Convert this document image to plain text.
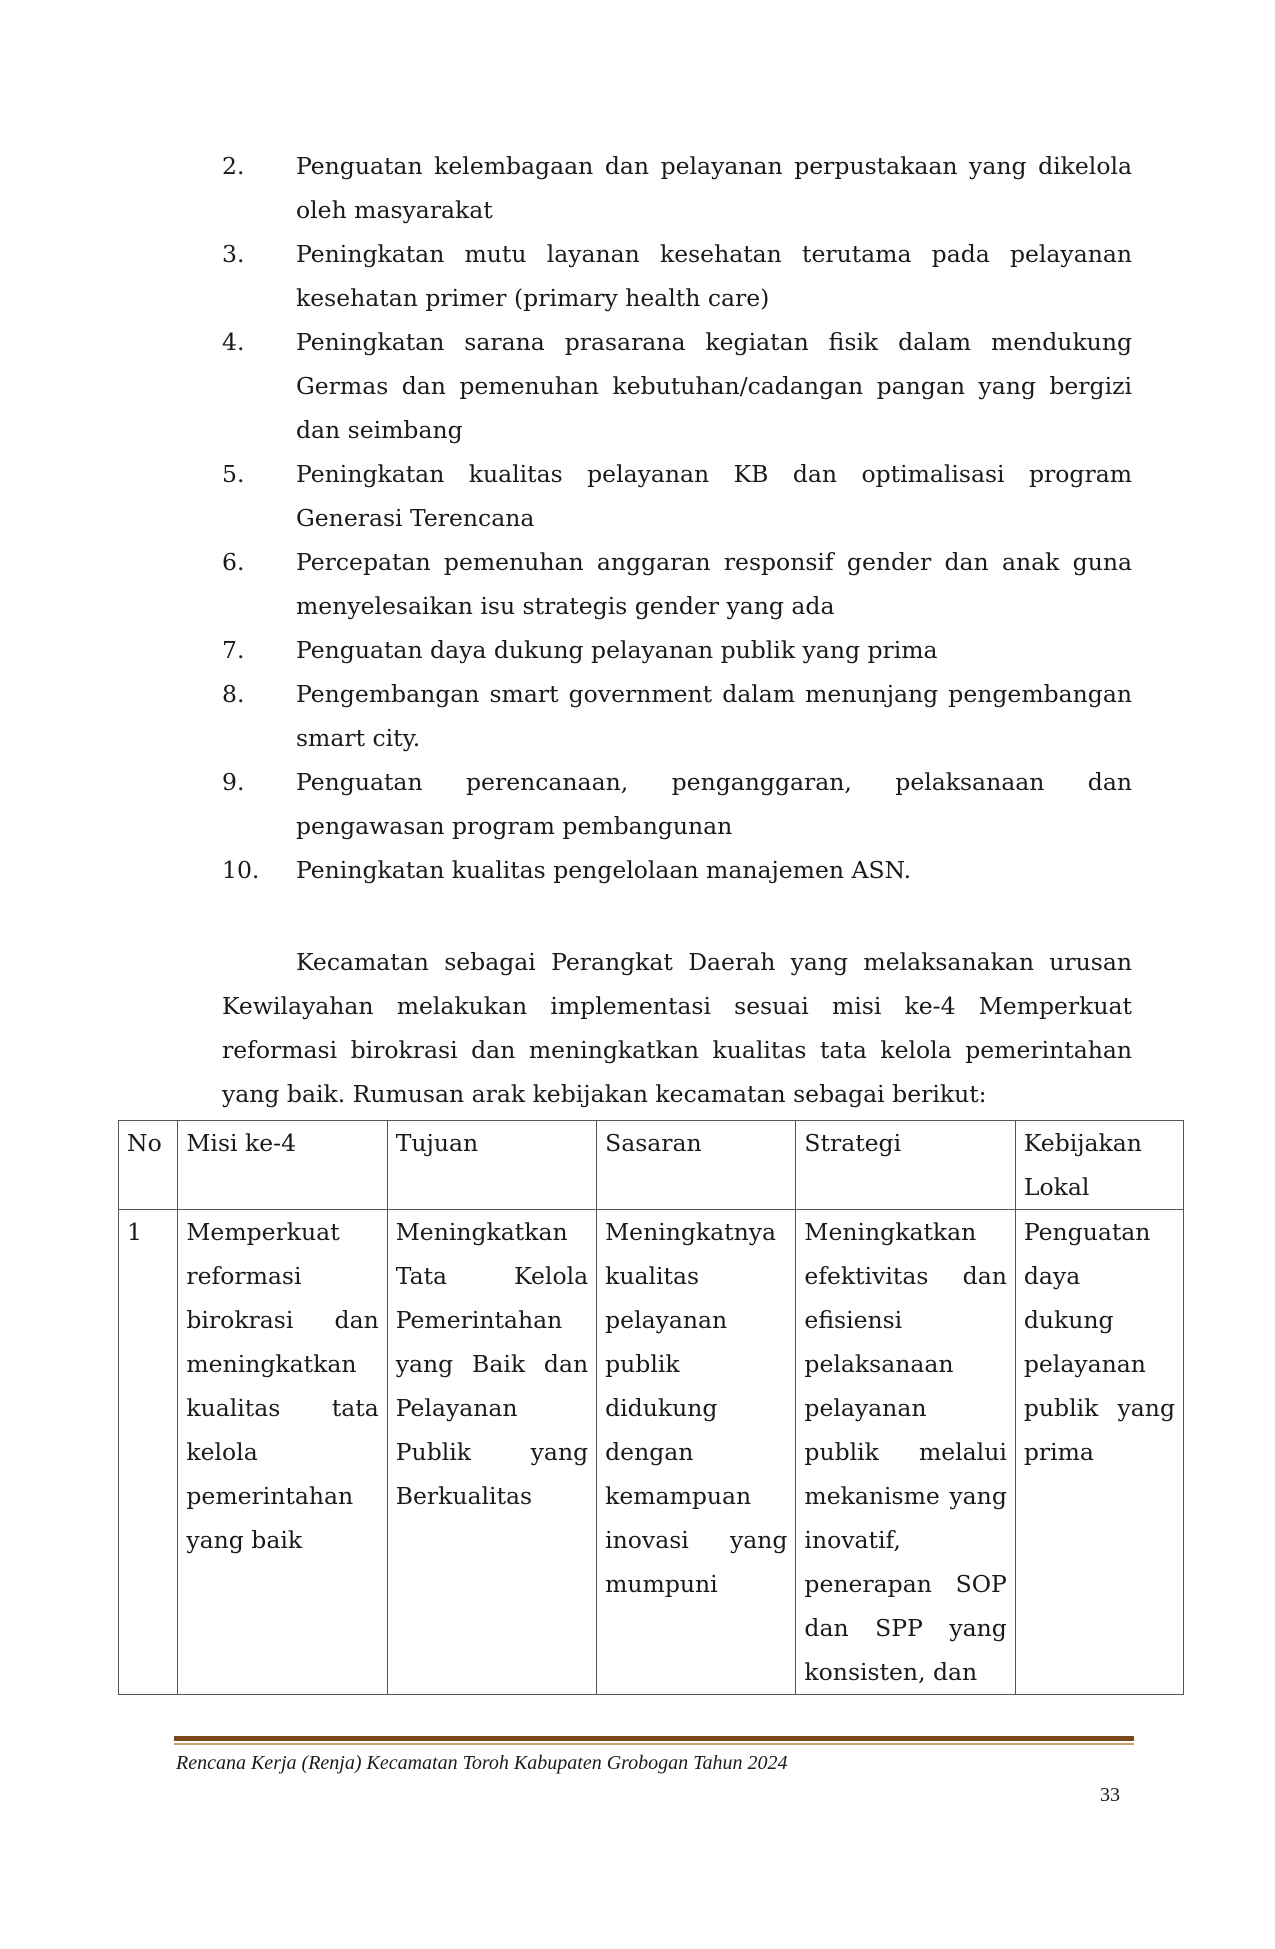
2. Penguatan kelembagaan dan pelayanan perpustakaan yang dikelola oleh masyarakat
3. Peningkatan mutu layanan kesehatan terutama pada pelayanan kesehatan primer (primary health care)
4. Peningkatan sarana prasarana kegiatan fisik dalam mendukung Germas dan pemenuhan kebutuhan/cadangan pangan yang bergizi dan seimbang
5. Peningkatan kualitas pelayanan KB dan optimalisasi program Generasi Terencana
6. Percepatan pemenuhan anggaran responsif gender dan anak guna menyelesaikan isu strategis gender yang ada
7. Penguatan daya dukung pelayanan publik yang prima
8. Pengembangan smart government dalam menunjang pengembangan smart city.
9. Penguatan perencanaan, penganggaran, pelaksanaan dan pengawasan program pembangunan
10. Peningkatan kualitas pengelolaan manajemen ASN.

Kecamatan sebagai Perangkat Daerah yang melaksanakan urusan Kewilayahan melakukan implementasi sesuai misi ke-4 Memperkuat reformasi birokrasi dan meningkatkan kualitas tata kelola pemerintahan yang baik. Rumusan arak kebijakan kecamatan sebagai berikut:

No	Misi ke-4	Tujuan	Sasaran	Strategi	Kebijakan Lokal
1	Memperkuat reformasi birokrasi dan meningkatkan kualitas tata kelola pemerintahan yang baik	Meningkatkan Tata Kelola Pemerintahan yang Baik dan Pelayanan Publik yang Berkualitas	Meningkatnya kualitas pelayanan publik didukung dengan kemampuan inovasi yang mumpuni	Meningkatkan efektivitas dan efisiensi pelaksanaan pelayanan publik melalui mekanisme yang inovatif, penerapan SOP dan SPP yang konsisten, dan	Penguatan daya dukung pelayanan publik yang prima
Rencana Kerja (Renja) Kecamatan Toroh Kabupaten Grobogan Tahun 2024
33
